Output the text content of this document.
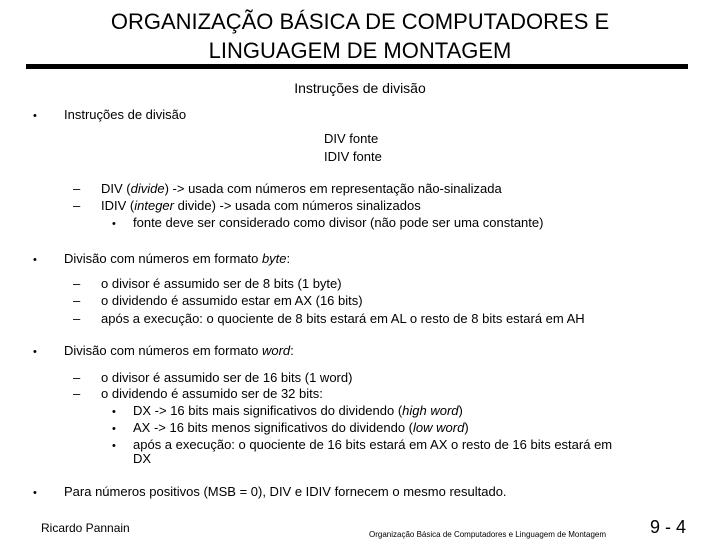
ORGANIZAÇÃO BÁSICA DE COMPUTADORES E
LINGUAGEM DE MONTAGEM
Instruções de divisão
• Instruções de divisão
DIV fonte
IDIV fonte
– DIV (divide) -> usada com números em representação não-sinalizada
– IDIV (integer divide) -> usada com números sinalizados
• fonte deve ser considerado como divisor (não pode ser uma constante)
• Divisão com números em formato byte:
– o divisor é assumido ser de 8 bits (1 byte)
– o dividendo é assumido estar em AX (16 bits)
– após a execução: o quociente de 8 bits estará em AL o resto de 8 bits estará em AH
• Divisão com números em formato word:
– o divisor é assumido ser de 16 bits (1 word)
– o dividendo é assumido ser de 32 bits:
• DX -> 16 bits mais significativos do dividendo (high word)
• AX -> 16 bits menos significativos do dividendo (low word)
• após a execução: o quociente de 16 bits estará em AX o resto de 16 bits estará em
DX
• Para números positivos (MSB = 0), DIV e IDIV fornecem o mesmo resultado.
Ricardo Pannain	Organização Básica de Computadores e Linguagem de Montagem 9 - 4
